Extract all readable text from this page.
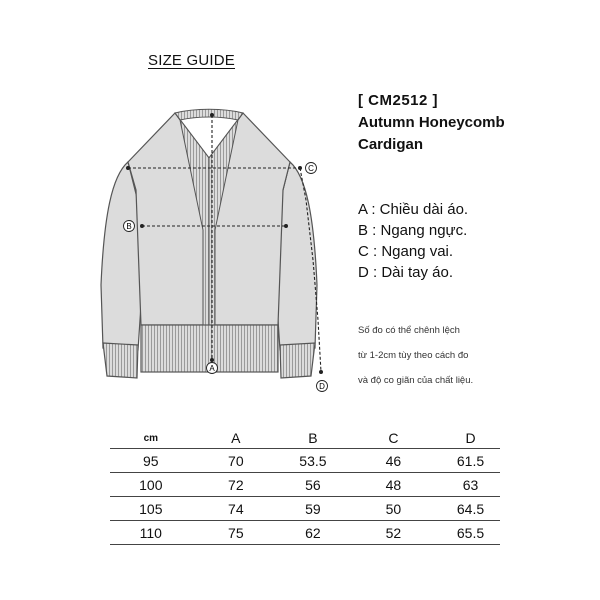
SIZE GUIDE
[ CM2512 ]
Autumn Honeycomb
Cardigan
A : Chiều dài áo.
B : Ngang ngực.
C : Ngang vai.
D : Dài tay áo.
Số đo có thể chênh lệch
từ 1-2cm tùy theo cách đo
và độ co giãn của chất liệu.
C
B
A
D
cm	A	B	C	D
95	70	53.5	46	61.5
100	72	56	48	63
105	74	59	50	64.5
110	75	62	52	65.5
